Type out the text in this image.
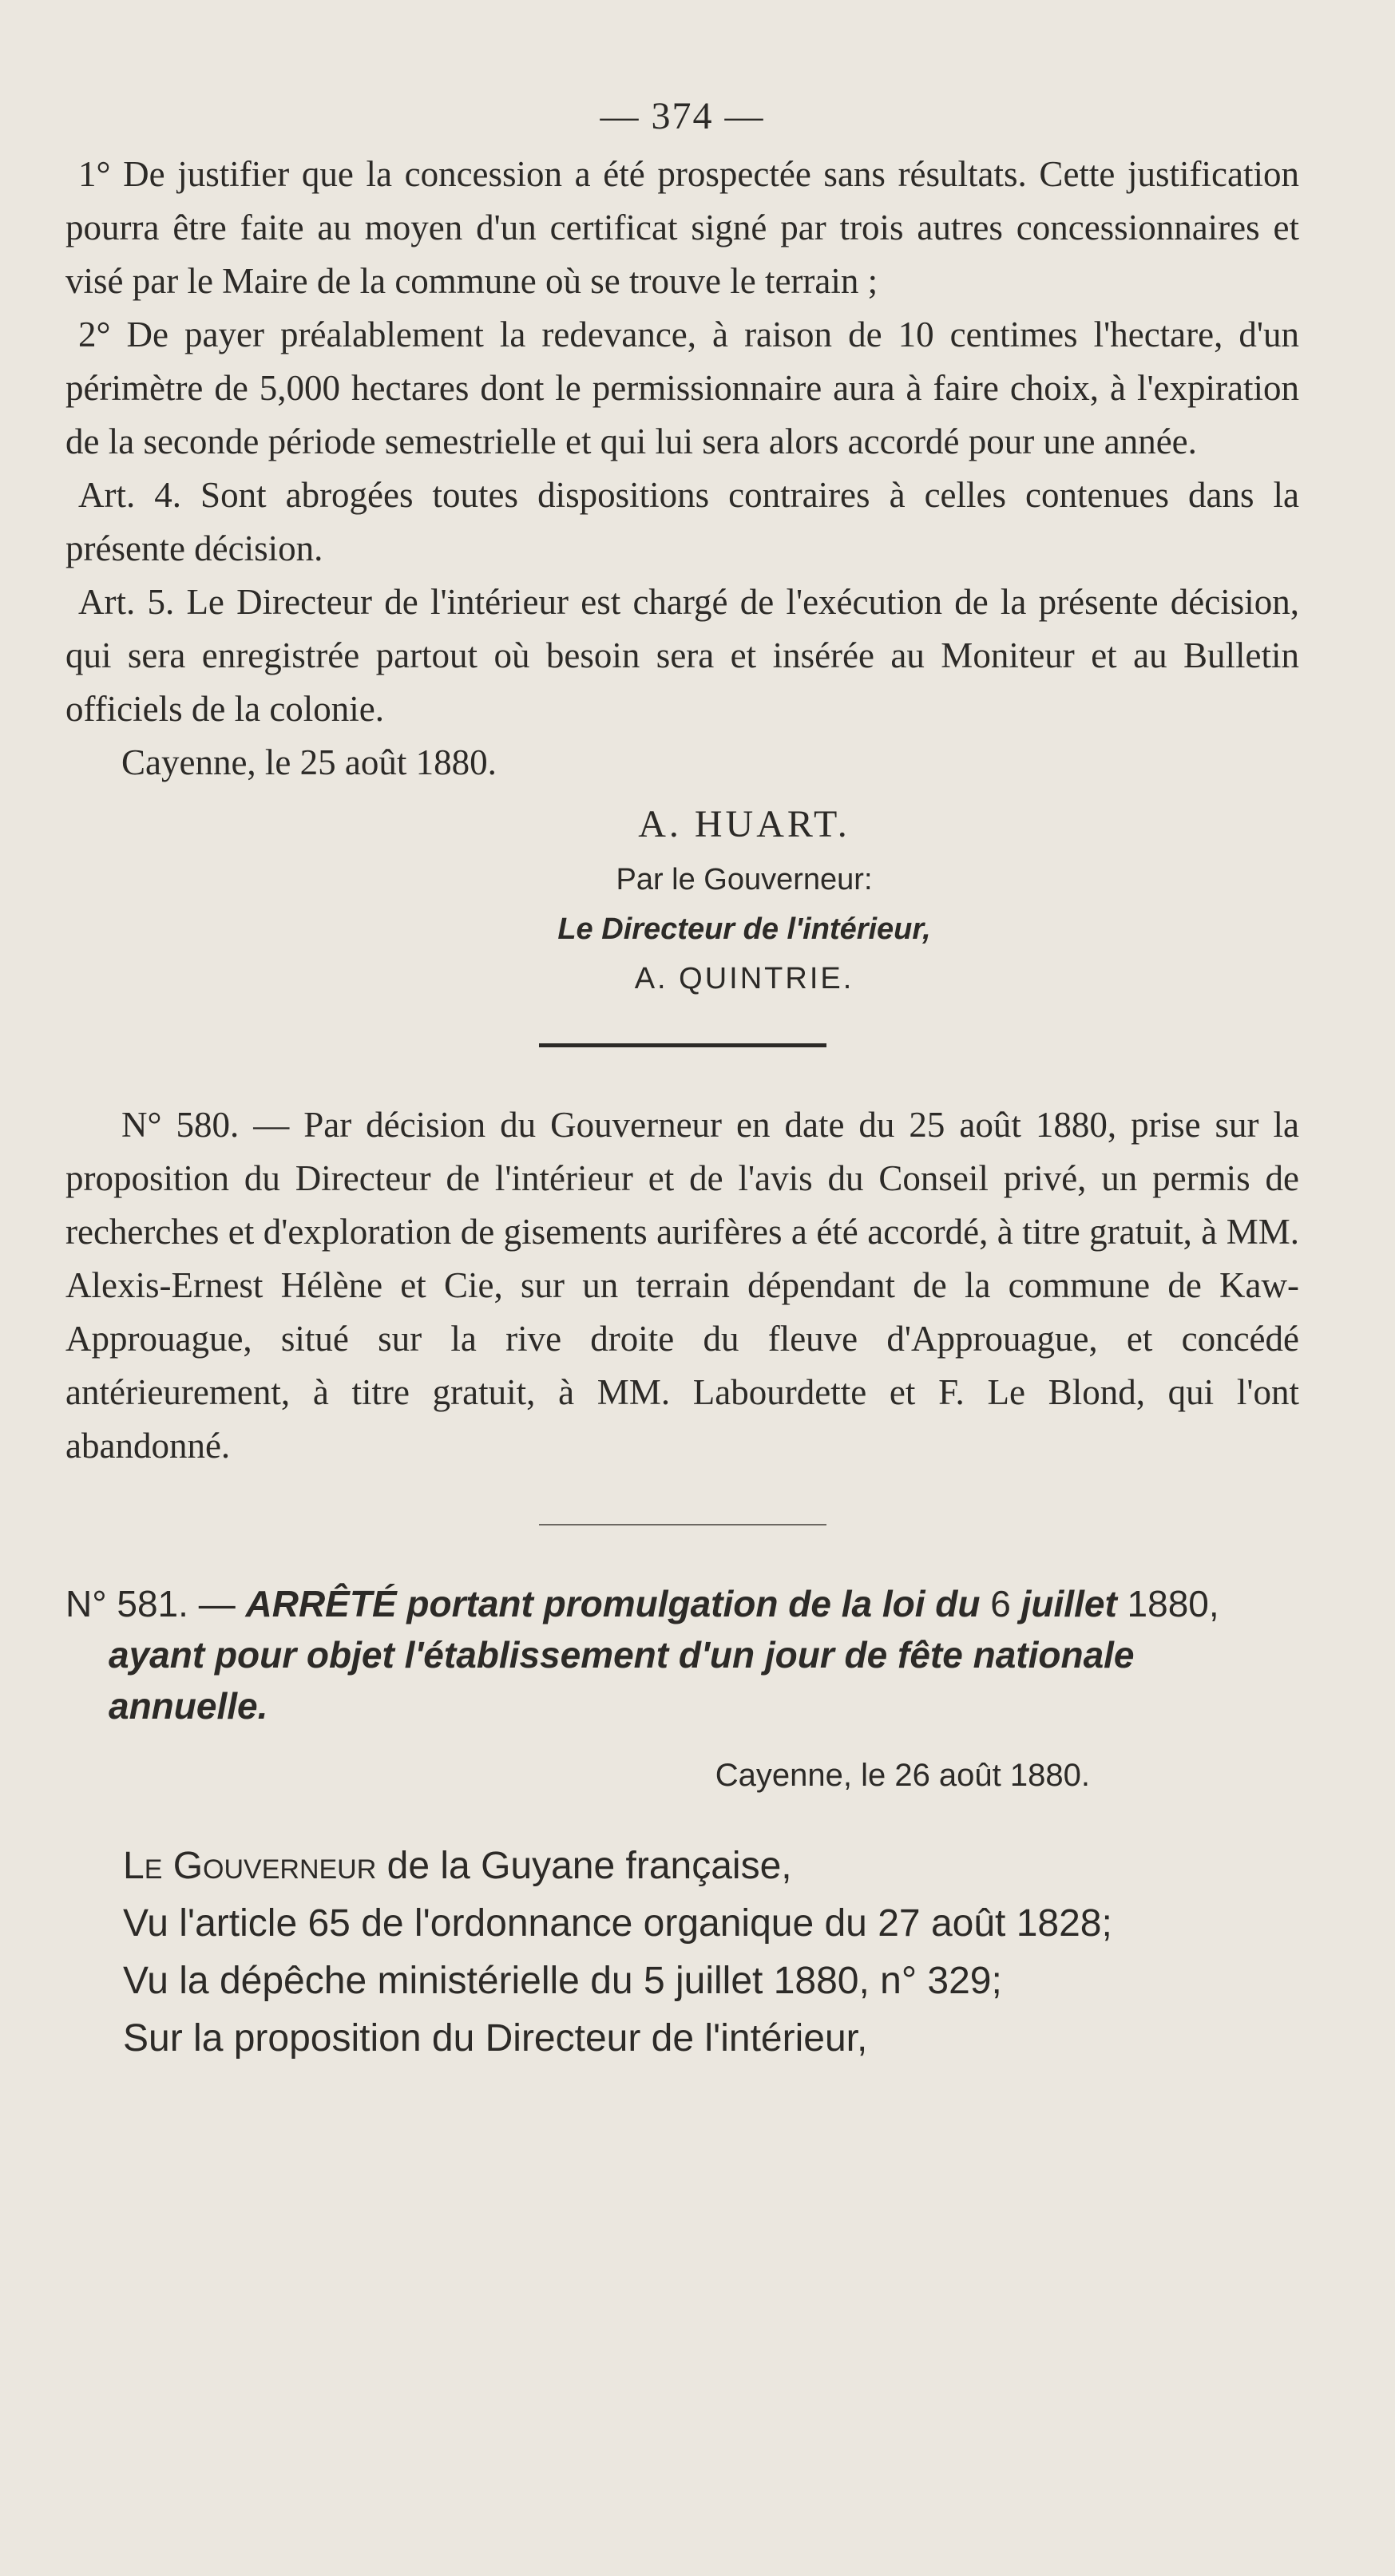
— 374 —

1° De justifier que la concession a été prospectée sans résultats. Cette justification pourra être faite au moyen d'un certificat signé par trois autres concessionnaires et visé par le Maire de la commune où se trouve le terrain ;

2° De payer préalablement la redevance, à raison de 10 centimes l'hectare, d'un périmètre de 5,000 hectares dont le permissionnaire aura à faire choix, à l'expiration de la seconde période semestrielle et qui lui sera alors accordé pour une année.

Art. 4. Sont abrogées toutes dispositions contraires à celles contenues dans la présente décision.

Art. 5. Le Directeur de l'intérieur est chargé de l'exécution de la présente décision, qui sera enregistrée partout où besoin sera et insérée au Moniteur et au Bulletin officiels de la colonie.

Cayenne, le 25 août 1880.

A. HUART.
Par le Gouverneur:
Le Directeur de l'intérieur,
A. QUINTRIE.

N° 580. — Par décision du Gouverneur en date du 25 août 1880, prise sur la proposition du Directeur de l'intérieur et de l'avis du Conseil privé, un permis de recherches et d'exploration de gisements aurifères a été accordé, à titre gratuit, à MM. Alexis-Ernest Hélène et Cie, sur un terrain dépendant de la commune de Kaw-Approuague, situé sur la rive droite du fleuve d'Approuague, et concédé antérieurement, à titre gratuit, à MM. Labourdette et F. Le Blond, qui l'ont abandonné.

N° 581. — ARRÊTÉ portant promulgation de la loi du 6 juillet 1880, ayant pour objet l'établissement d'un jour de fête nationale annuelle.

Cayenne, le 26 août 1880.

Le Gouverneur de la Guyane française,

Vu l'article 65 de l'ordonnance organique du 27 août 1828;

Vu la dépêche ministérielle du 5 juillet 1880, n° 329;

Sur la proposition du Directeur de l'intérieur,
